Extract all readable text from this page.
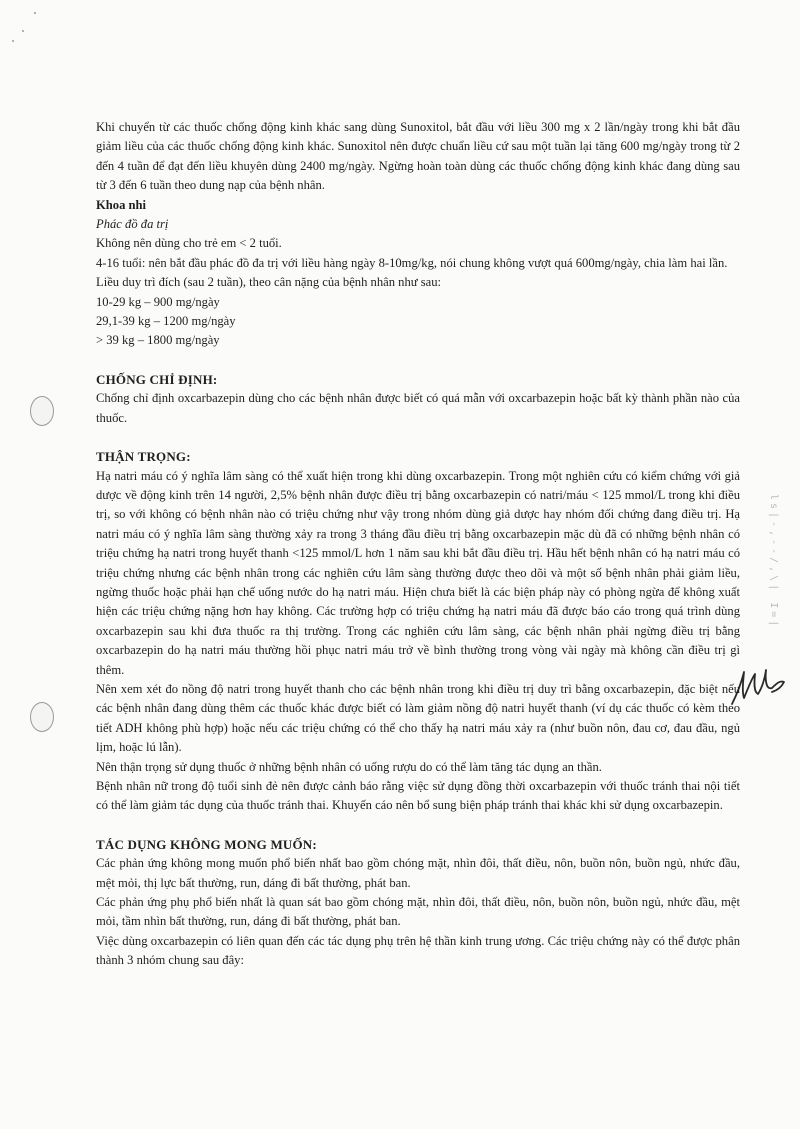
ls|-,--/,\| I=|

Khi chuyển từ các thuốc chống động kinh khác sang dùng Sunoxitol, bắt đầu với liều 300 mg x 2 lần/ngày trong khi bắt đầu giảm liều của các thuốc chống động kinh khác. Sunoxitol nên được chuẩn liều cứ sau một tuần lại tăng 600 mg/ngày trong từ 2 đến 4 tuần để đạt đến liều khuyên dùng 2400 mg/ngày. Ngừng hoàn toàn dùng các thuốc chống động kinh khác đang dùng sau từ 3 đến 6 tuần theo dung nạp của bệnh nhân.

Khoa nhi

Phác đồ đa trị

Không nên dùng cho trẻ em < 2 tuổi.

4-16 tuổi: nên bắt đầu phác đồ đa trị với liều hàng ngày 8-10mg/kg, nói chung không vượt quá 600mg/ngày, chia làm hai lần.

Liều duy trì đích (sau 2 tuần), theo cân nặng của bệnh nhân như sau:

10-29 kg – 900 mg/ngày

29,1-39 kg – 1200 mg/ngày

> 39 kg – 1800 mg/ngày

CHỐNG CHỈ ĐỊNH:

Chống chỉ định oxcarbazepin dùng cho các bệnh nhân được biết có quá mẫn với oxcarbazepin hoặc bất kỳ thành phần nào của thuốc.

THẬN TRỌNG:

Hạ natri máu có ý nghĩa lâm sàng có thể xuất hiện trong khi dùng oxcarbazepin. Trong một nghiên cứu có kiểm chứng với giả dược về động kinh trên 14 người, 2,5% bệnh nhân được điều trị bằng oxcarbazepin có natri/máu < 125 mmol/L trong khi điều trị, so với không có bệnh nhân nào có triệu chứng như vậy trong nhóm dùng giả dược hay nhóm đối chứng đang điều trị. Hạ natri máu có ý nghĩa lâm sàng thường xảy ra trong 3 tháng đầu điều trị bằng oxcarbazepin mặc dù đã có những bệnh nhân có triệu chứng hạ natri trong huyết thanh <125 mmol/L hơn 1 năm sau khi bắt đầu điều trị. Hầu hết bệnh nhân có hạ natri máu có triệu chứng nhưng các bệnh nhân trong các nghiên cứu lâm sàng thường được theo dõi và một số bệnh nhân phải giảm liều, ngừng thuốc hoặc phải hạn chế uống nước do hạ natri máu. Hiện chưa biết là các biện pháp này có phòng ngừa để không xuất hiện các triệu chứng nặng hơn hay không. Các trường hợp có triệu chứng hạ natri máu đã được báo cáo trong quá trình dùng oxcarbazepin sau khi đưa thuốc ra thị trường. Trong các nghiên cứu lâm sàng, các bệnh nhân phải ngừng điều trị bằng oxcarbazepin do hạ natri máu thường hồi phục natri máu trở về bình thường trong vòng vài ngày mà không cần điều trị gì thêm.

Nên xem xét đo nồng độ natri trong huyết thanh cho các bệnh nhân trong khi điều trị duy trì bằng oxcarbazepin, đặc biệt nếu các bệnh nhân đang dùng thêm các thuốc khác được biết có làm giảm nồng độ natri huyết thanh (ví dụ các thuốc có kèm theo tiết ADH không phù hợp) hoặc nếu các triệu chứng có thể cho thấy hạ natri máu xảy ra (như buồn nôn, đau cơ, đau đầu, ngủ lịm, hoặc lú lẫn).

Nên thận trọng sử dụng thuốc ở những bệnh nhân có uống rượu do có thể làm tăng tác dụng an thần.

Bệnh nhân nữ trong độ tuổi sinh đẻ nên được cảnh báo rằng việc sử dụng đồng thời oxcarbazepin với thuốc tránh thai nội tiết có thể làm giảm tác dụng của thuốc tránh thai. Khuyến cáo nên bổ sung biện pháp tránh thai khác khi sử dụng oxcarbazepin.

TÁC DỤNG KHÔNG MONG MUỐN:

Các phản ứng không mong muốn phổ biến nhất bao gồm chóng mặt, nhìn đôi, thất điều, nôn, buồn nôn, buồn ngủ, nhức đầu, mệt mỏi, thị lực bất thường, run, dáng đi bất thường, phát ban.

Các phản ứng phụ phổ biến nhất là quan sát bao gồm chóng mặt, nhìn đôi, thất điều, nôn, buồn nôn, buồn ngủ, nhức đầu, mệt mỏi, tầm nhìn bất thường, run, dáng đi bất thường, phát ban.

Việc dùng oxcarbazepin có liên quan đến các tác dụng phụ trên hệ thần kinh trung ương. Các triệu chứng này có thể được phân thành 3 nhóm chung sau đây:
